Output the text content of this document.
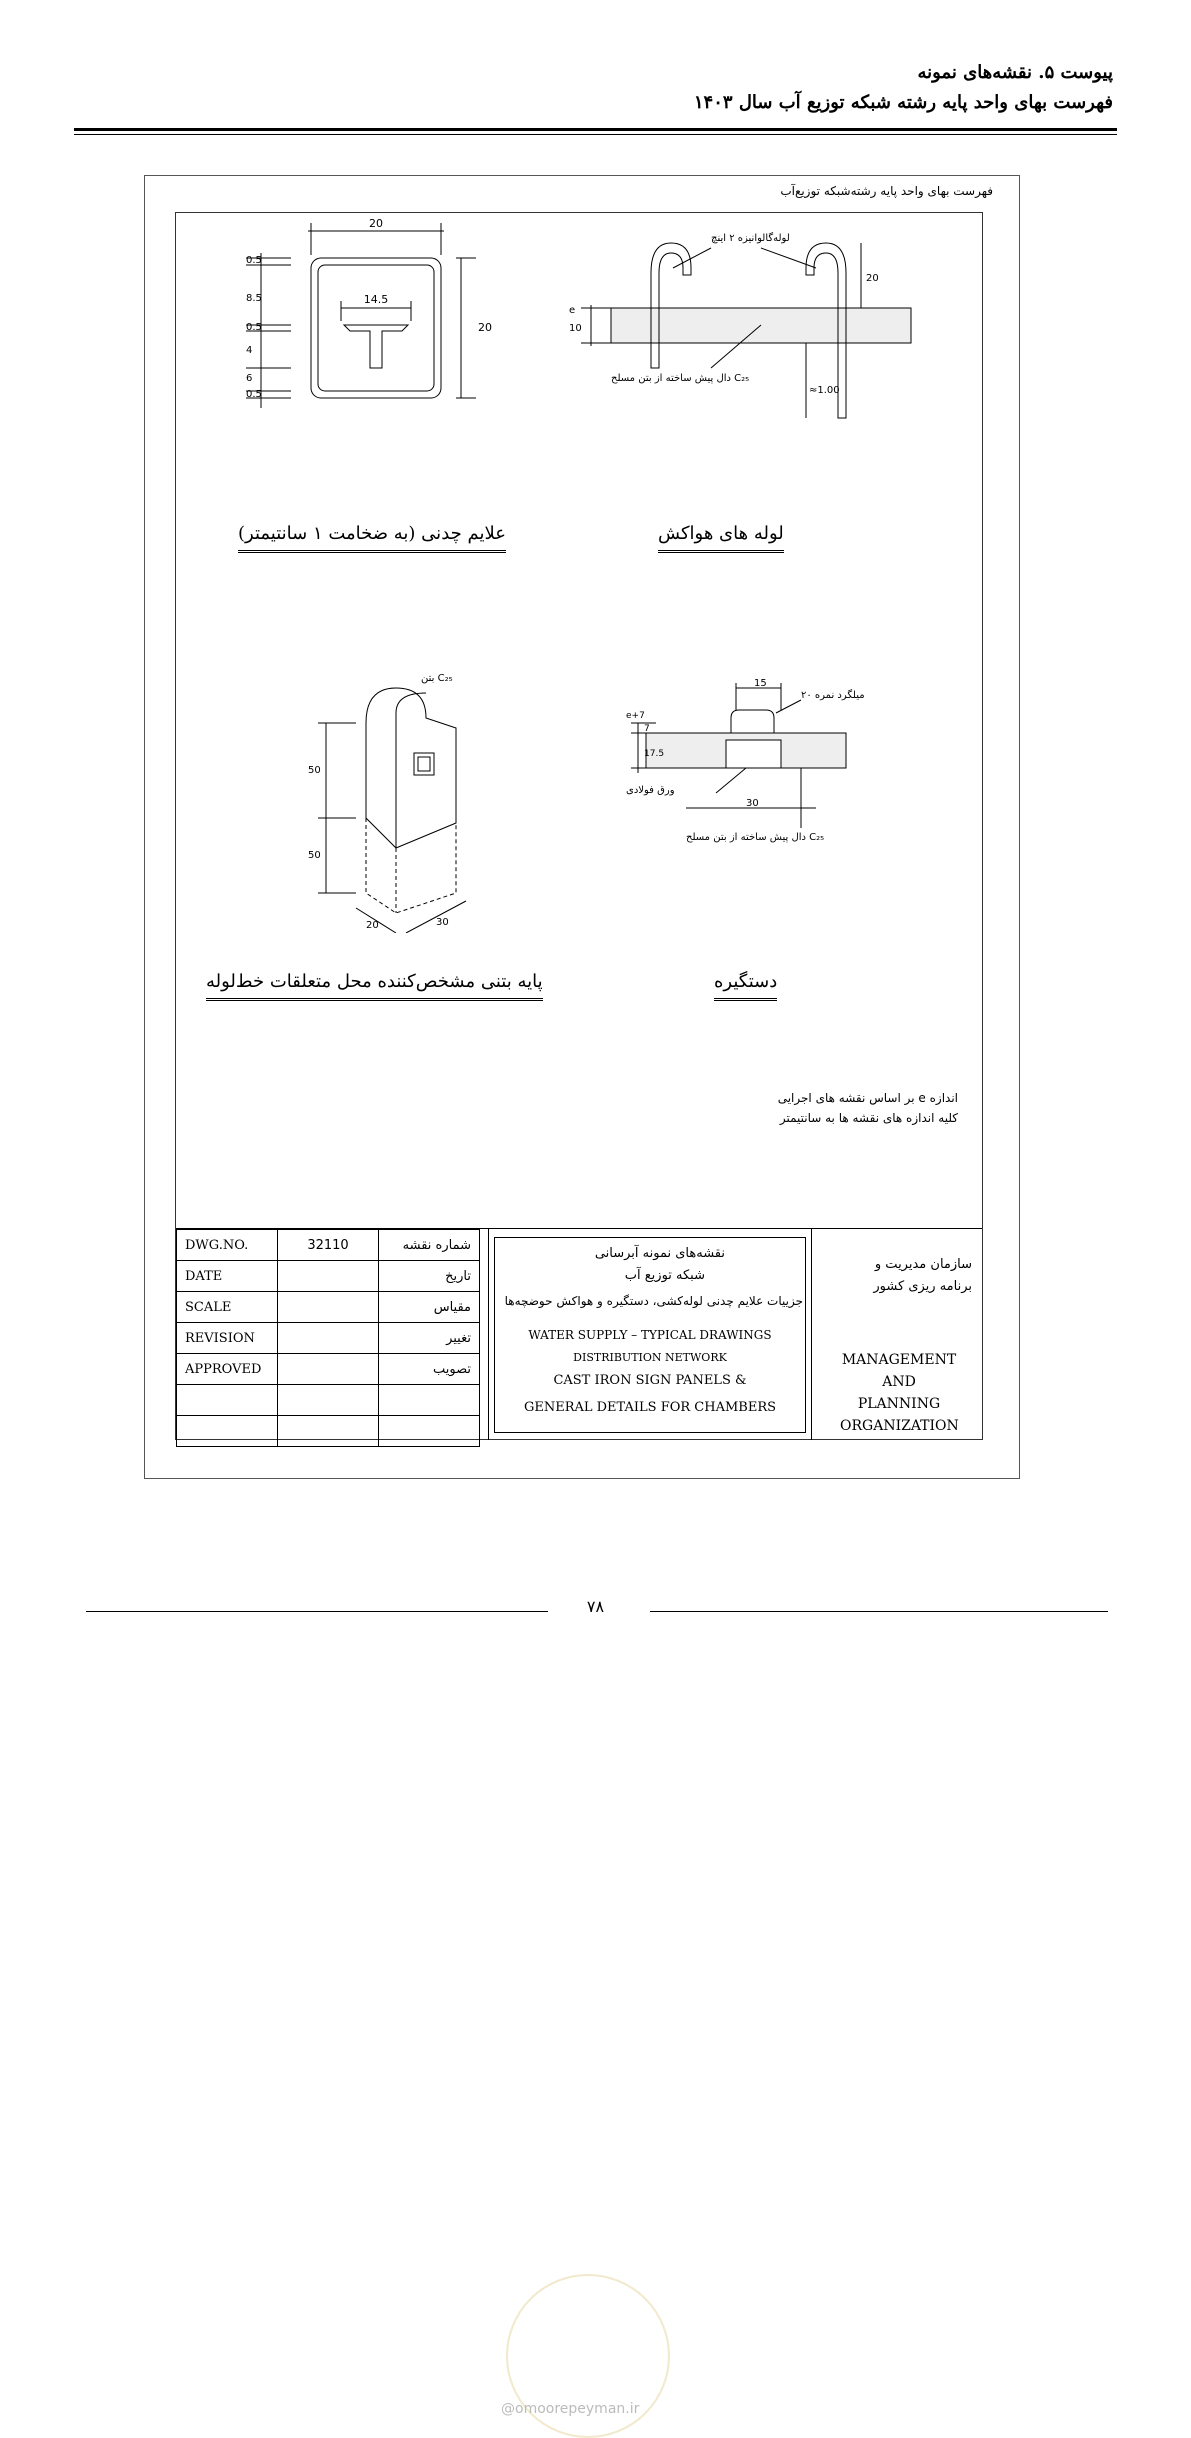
پیوست ۵. نقشه‌های نمونه
فهرست بهای واحد پایه رشته شبکه توزیع آب سال ۱۴۰۳
فهرست بهای واحد پایه رشته‌شبکه توزیع‌آب
20
14.5
20
0.5
8.5
0.5
4
6
0.5
لوله‌گالوانیزه ۲ اینچ
دال پیش ساخته از بتن مسلح C₂₅
20
10
e
≈1.00
علایم چدنی (به ضخامت ۱ سانتیمتر)	لوله های هواکش
بتن C₂₅
50
50
20	30
15
میلگرد نمره ۲۰
ورق فولادی
30
دال پیش ساخته از بتن مسلح C₂₅
e+7
17.5
7
پایه بتنی مشخص‌کننده محل متعلقات خط‌لوله	دستگیره
اندازه e بر اساس نقشه های اجرایی
کلیه اندازه های نقشه ها به سانتیمتر
DWG.NO.	32110	شماره نقشه
DATE		تاریخ
SCALE		مقیاس
REVISION		تغییر
APPROVED		تصویب

نقشه‌های نمونه آبرسانی
شبکه توزیع آب
جزییات علایم چدنی لوله‌کشی، دستگیره و هواکش حوضچه‌ها
WATER SUPPLY – TYPICAL DRAWINGS
DISTRIBUTION NETWORK
CAST IRON SIGN PANELS &
GENERAL DETAILS FOR CHAMBERS
سازمان مدیریت و
برنامه ریزی کشور
MANAGEMENT AND PLANNING ORGANIZATION
@omoorepeyman.ir
۷۸
